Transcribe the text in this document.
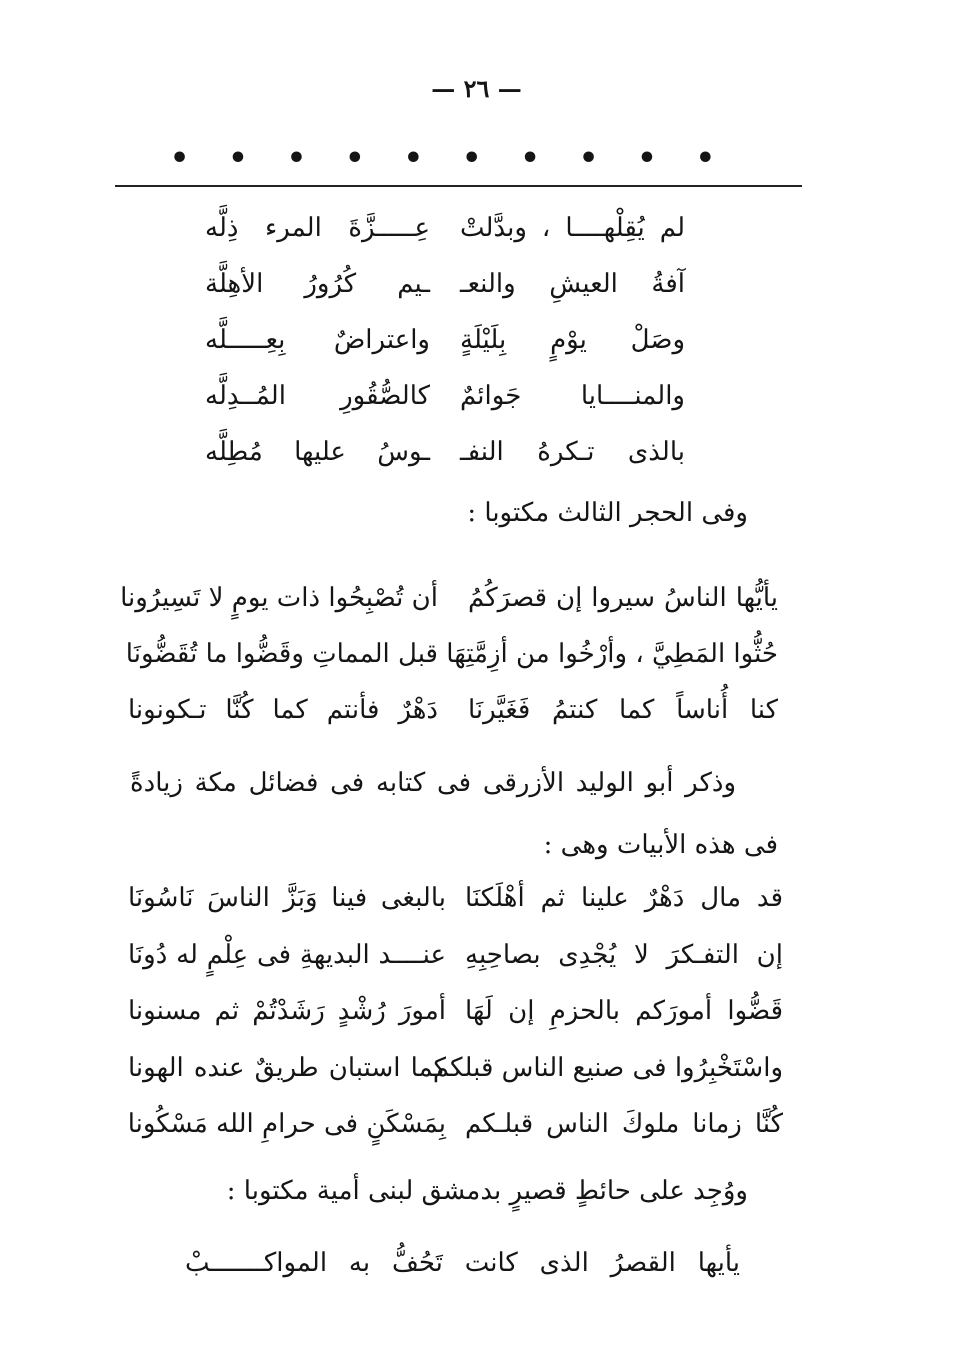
— ٢٦ —
• • • • • • • • • •
لم يُقِلْهــــا ، وبدَّلتْ
عِـــــزَّةَ المرء ذِلَّه
آفةُ العيشِ والنعـ
ـيم كُرُورُ الأهِلَّة
وصَلْ يوْمٍ بِلَيْلَةٍ
واعتراضٌ بِعِـــــلَّه
والمنــــايا جَوائمٌ
كالصُّقُورِ المُــدِلَّه
بالذى تـكرهُ النفـ
ـوسُ عليها مُطِلَّه
وفى الحجر الثالث مكتوبا :
يأيُّها الناسُ سيروا إن قصرَكُمُ
أن تُصْبِحُوا ذات يومٍ لا تَسِيرُونا
حُثُّوا المَطِيَّ ، وأرْخُوا من أزِمَّتِهَا
قبل المماتِ وقَضُّوا ما تُقَضُّونَا
كنا أُناساً كما كنتمُ فَغَيَّرنَا
دَهْرٌ فأنتم كما كُنَّا تـكونونا
وذكر أبو الوليد الأزرقى فى كتابه فى فضائل مكة زيادةً فى هذه الأبيات وهى :
قد مال دَهْرٌ علينا ثم أهْلَكنَا
بالبغى فينا وَبَزَّ الناسَ نَاسُونَا
إن التفـكرَ لا يُجْدِى بصاحِبِهِ
عنــــد البديهةِ فى عِلْمٍ له دُونَا
قَضُّوا أمورَكم بالحزمِ إن لَهَا
أمورَ رُشْدٍ رَشَدْتُمْ ثم مسنونا
واسْتَخْبِرُوا فى صنيع الناس قبلكم
كما استبان طريقٌ عنده الهونا
كُنَّا زمانا ملوكَ الناس قبلـكم
بِمَسْكَنٍ فى حرامِ الله مَسْكُونا
ووُجِد على حائطٍ قصيرٍ بدمشق لبنى أمية مكتوبا :
يأيها القصرُ الذى كانت تَحُفُّ به المواكـــــــبْ
